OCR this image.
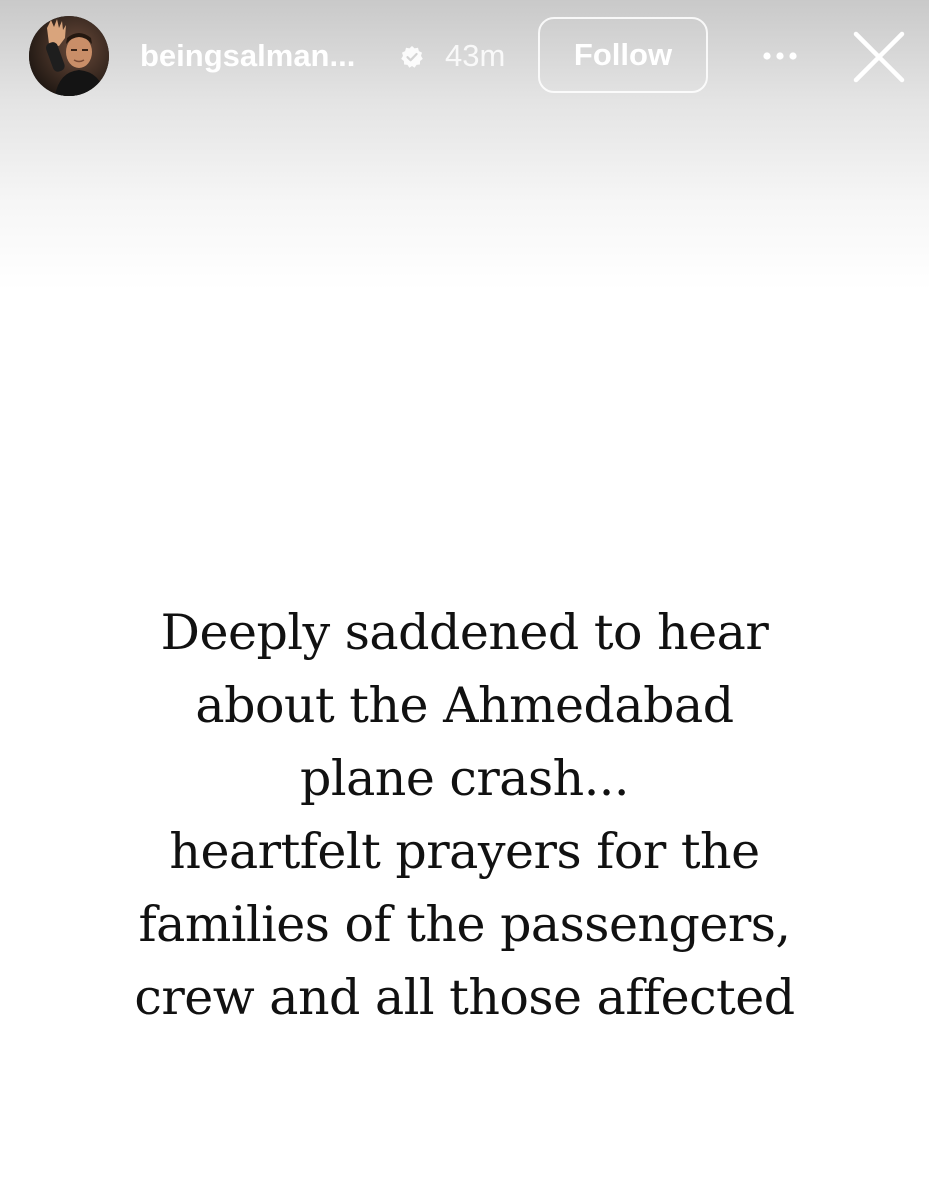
beingsalman...	43m	Follow
Deeply saddened to hear
about the Ahmedabad
plane crash...
heartfelt prayers for the
families of the passengers,
crew and all those affected
